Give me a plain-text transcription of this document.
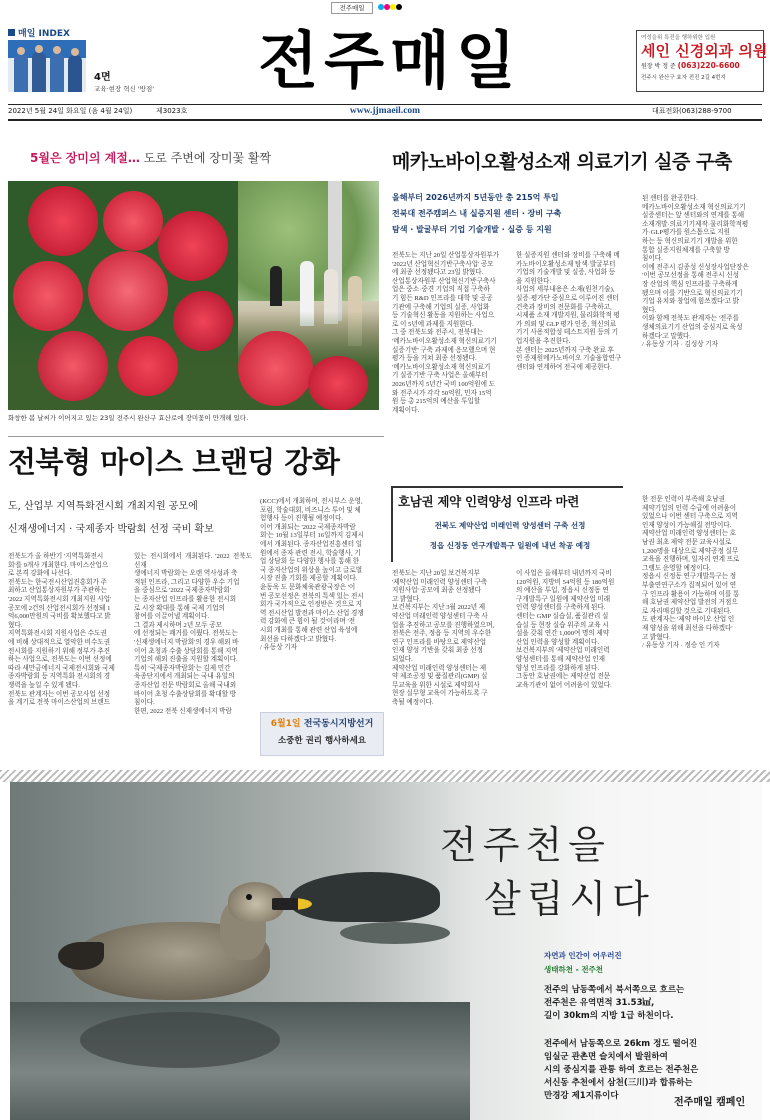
전주매일
매일 INDEX
4면
교육·현장 혁신 '방점' 전주매일	여성을위 특전을 행하위한 입원
세인 신경외과 의원
원장 박 정 준 (063)220-6600
전주시 완산구 효자 전진 2길 4번지
2022년 5월 24일 화요일 (음 4월 24일)	제3023호	www.jjmaeil.com	대표전화(063)288-9700
5월은 장미의 계절… 도로 주변에 장미꽃 활짝
화창한 봄 날씨가 이어지고 있는 23일 전주시 완산구 효산로에 장미꽃이 만개해 있다.
메카노바이오활성소재 의료기기 실증 구축
올해부터 2026년까지 5년동안 총 215억 투입
전북대 전주캠퍼스 내 실증지원 센터 · 장비 구축
탐색 · 발굴부터 기업 기술개발 · 실증 등 지원
전북도는 지난 20일 산업통상자원부가
'2022년 산업혁신기반구축사업' 공모
에 최종 선정됐다고 23일 밝혔다.
산업통상자원부 산업혁신기반구축사
업은 중소·중견 기업의 직접 구축하
기 힘든 R&D 인프라를 대학 및 공공
기관에 구축해 기업의 실증, 사업화
등 기술혁신 활동을 지원하는 사업으
로 이 5년에 과제를 지원한다.
그 중 전북도와 전주시, 전북대는
'메카노바이오활성소재 혁신의료기기
실증기반' 구축 과제에 응모했으며 현
평가 등을 거쳐 최종 선정됐다.
'메카노바이오활성소재 혁신의료기
기 실증기반 구축 사업은 올해부터
2026년까지 5년간 국비 100억원에 도
와 전주시가 각각 50억원, 민자 15억
원 등 총 215억의 예산을 투입할
계획이다.
한 실증지원 센터와 장비를 구축해 메
카노바이오활성소재 탐색·발굴부터
기업의 기술개발 및 실증, 사업화 등
을 지원한다.
사업의 세부내용은 소재(원천기술),
실증·평가단 중심으로 이루어진 센터
건축과 장비의 전문화를 구축하고,
시제품 소재 개발지원, 물리화학적 평
가 의뢰 및 GLP 평가 인증, 혁신의료
기기 사용적합성 테스트지원 등의 기
업지원을 추진한다.
본 센터는 2025년까지 구축 완료 후
인 증재원메카노바이오 기술융합연구
센터와 연계하여 전국에 제공한다.
된 센터를 완공한다.
메카노바이오활성소재 혁신의료기기
실증센터는 앞 센터와의 연계를 통해
소재개발·의료기기제작·물리화학적평
가·GLP평가를 원스톱으로 지원
하는 등 혁신의료기기 개발을 위한
통합 실증지원체계를 구축할 방
침이다.
이에 전주시 김종성 신성장사업단장은
'이번 공모선정을 통해 전주시 신성
장 산업의 핵심 인프라를 구축하게
됐으며 이를 기반으로 혁신의료기기
기업 유치와 창업에 힘쓰겠다'고 밝
혔다.
이와 함께 전북도 관계자는 '전주를
생체의료기기 산업의 중심지로 육성
하겠다'고 말했다.
/ 유동상 기자 · 김성상 기자
전북형 마이스 브랜딩 강화
도, 산업부 지역특화전시회 개최지원 공모에
신재생에너지 · 국제종자 박람회 선정 국비 확보
전북도가 올 하반기 '지역특화전시
회'를 9개사 개최한다. 마이스산업으
로 본격 강화에 나선다.
전북도는 한국전시산업진흥회가 주
최하고 산업통상자원부가 주관하는
'2022 지역특화전시회 개최지원 사업'
공모에 2건의 산업전시회가 선정돼 1
억6,000만원의 국비를 확보했다고 밝
혔다.
지역특화전시회 지원사업은 수도권
에 비해 상대적으로 열악한 비수도권
전시회를 지원하기 위해 정부가 추진
하는 사업으로, 전북도는 이번 선정에
따라 새만금에너지 국제전시회와 국제
종자박람회 등 지역특화 전시회의 경
쟁력을 높일 수 있게 됐다.
전북도 관계자는 이번 공모사업 선정
을 계기로 전북 마이스산업의 브랜드
있는 전시회에서 개최된다. '2022 전북도 신재
생에너지 박람회'는 오랜 역사성과 축
적된 인프라, 그리고 다양한 우수 기업
을 중심으로 '2022 국제종자박람회'
는 종자산업 인프라를 활용한 전시회
로 시장 확대를 통해 국제 기업의
참여를 이끌어낼 계획이다.
그 결과 제시하며 2년 모두 공모
에 선정되는 쾌거를 이뤘다. 전북도는
'신재생에너지 박람회'의 경우 해외 바
이어 초청과 수출 상담회를 통해 지역
기업의 해외 진출을 지원할 계획이다.
특히 '국제종자박람회'는 김제 민간
육종단지에서 개최되는 국내 유일의
종자산업 전문 박람회로 올해 국내외
바이어 초청 수출상담회를 확대할 방
침이다.
한편, 2022 전북 신재생에너지 박람
(KCC)에서 개최하며, 전시부스 운영,
포럼, 학술대회, 비즈니스 투어 및 체
험행사 등이 진행될 예정이다.
이어 개최되는 '2022 국제종자박람
회'는 10월 13일부터 16일까지 김제시
에서 개최된다. 종자산업진흥센터 일
원에서 종자 관련 전시, 학술행사, 기
업 상담회 등 다양한 행사를 통해 한
국 종자산업의 위상을 높이고 글로벌
시장 진출 기회를 제공할 계획이다.
윤동욱 도 문화체육관광국장은 '이
번 공모선정은 전북의 특색 있는 전시
회가 국가적으로 인정받은 것으로 지
역 전시산업 발전과 마이스 산업 경쟁
력 강화에 큰 힘이 될 것'이라며 '전
시회 개최를 통해 관련 산업 육성에
최선을 다하겠다'고 밝혔다.
/ 유동상 기자
6월1일 전국동시지방선거
소중한 권리 행사하세요
호남권 제약 인력양성 인프라 마련
전북도 제약산업 미래인력 양성센터 구축 선정
정읍 신정동 연구개발특구 일원에 내년 착공 예정
전북도는 지난 20일 보건복지부
'제약산업 미래인력 양성센터 구축
지원사업' 공모에 최종 선정됐다
고 밝혔다.
보건복지부는 지난 3월 2022년 제
약산업 미래인력 양성센터 구축 사
업을 추진하고 공모를 진행하였으며,
전북은 전주, 정읍 등 지역의 우수한
연구 인프라를 바탕으로 제약산업
인재 양성 기반을 갖춰 최종 선정
되었다.
제약산업 미래인력 양성센터는 제
약 제조공정 및 품질관리(GMP) 실
무교육을 위한 시설로 제약회사
현장 실무형 교육이 가능하도록 구
축될 예정이다.
이 사업은 올해부터 내년까지 국비
120억원, 지방비 54억원 등 180억원
의 예산을 투입, 정읍시 신정동 연
구개발특구 일원에 제약산업 미래
인력 양성센터를 구축하게 된다.
센터는 GMP 실습실, 품질관리 실
습실 등 현장 실습 위주의 교육 시
설을 갖춰 연간 1,000여 명의 제약
산업 인력을 양성할 계획이다.
보건복지부의 '제약산업 미래인력
양성센터'를 통해 제약산업 인재
양성 인프라를 강화하게 된다.
그동안 호남권에는 제약산업 전문
교육기관이 없어 어려움이 있었다.
한 전문 인력이 부족해 호남권
제약기업의 인력 수급에 어려움이
있었으나 이번 센터 구축으로 지역
인재 양성이 가능해질 전망이다.
제약산업 미래인력 양성센터는 호
남권 최초 제약 전문 교육시설로
1,200명을 대상으로 제약공정 실무
교육을 진행하며, 일자리 연계 프로
그램도 운영할 예정이다.
정읍시 신정동 연구개발특구는 정
부출연연구소가 집적되어 있어 연
구 인프라 활용이 가능하며 이를 통
해 호남권 제약산업 발전의 거점으
로 자리매김할 것으로 기대된다.
도 관계자는 '제약 바이오 산업 인
재 양성을 위해 최선을 다하겠다'
고 밝혔다.
/ 유동상 기자 · 정승 인 기자
전주천을
살립시다
자연과 인간이 어우러진
생태하천 - 전주천
전주의 남동쪽에서 북서쪽으로 흐르는
전주천은 유역면적 31.53㎢,
길이 30km의 지방 1급 하천이다.
전주에서 남동쪽으로 26km 정도 떨어진
임실군 관촌면 슬치에서 발원하여
시의 중심지를 관통 하여 흐르는 전주천은
서신동 추천에서 삼천(三川)과 합류하는
만경강 제1지류이다
전주매일 캠페인
